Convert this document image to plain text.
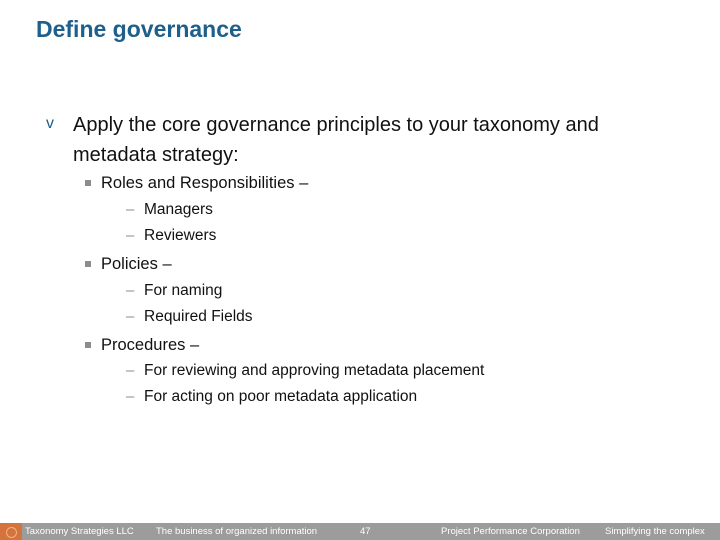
Define governance
v Apply the core governance principles to your taxonomy and metadata strategy:
Roles and Responsibilities –
– Managers
– Reviewers
Policies –
– For naming
– Required Fields
Procedures –
– For reviewing and approving metadata placement
– For acting on poor metadata application
Taxonomy Strategies LLC The business of organized information	47	Project Performance Corporation	Simplifying the complex
